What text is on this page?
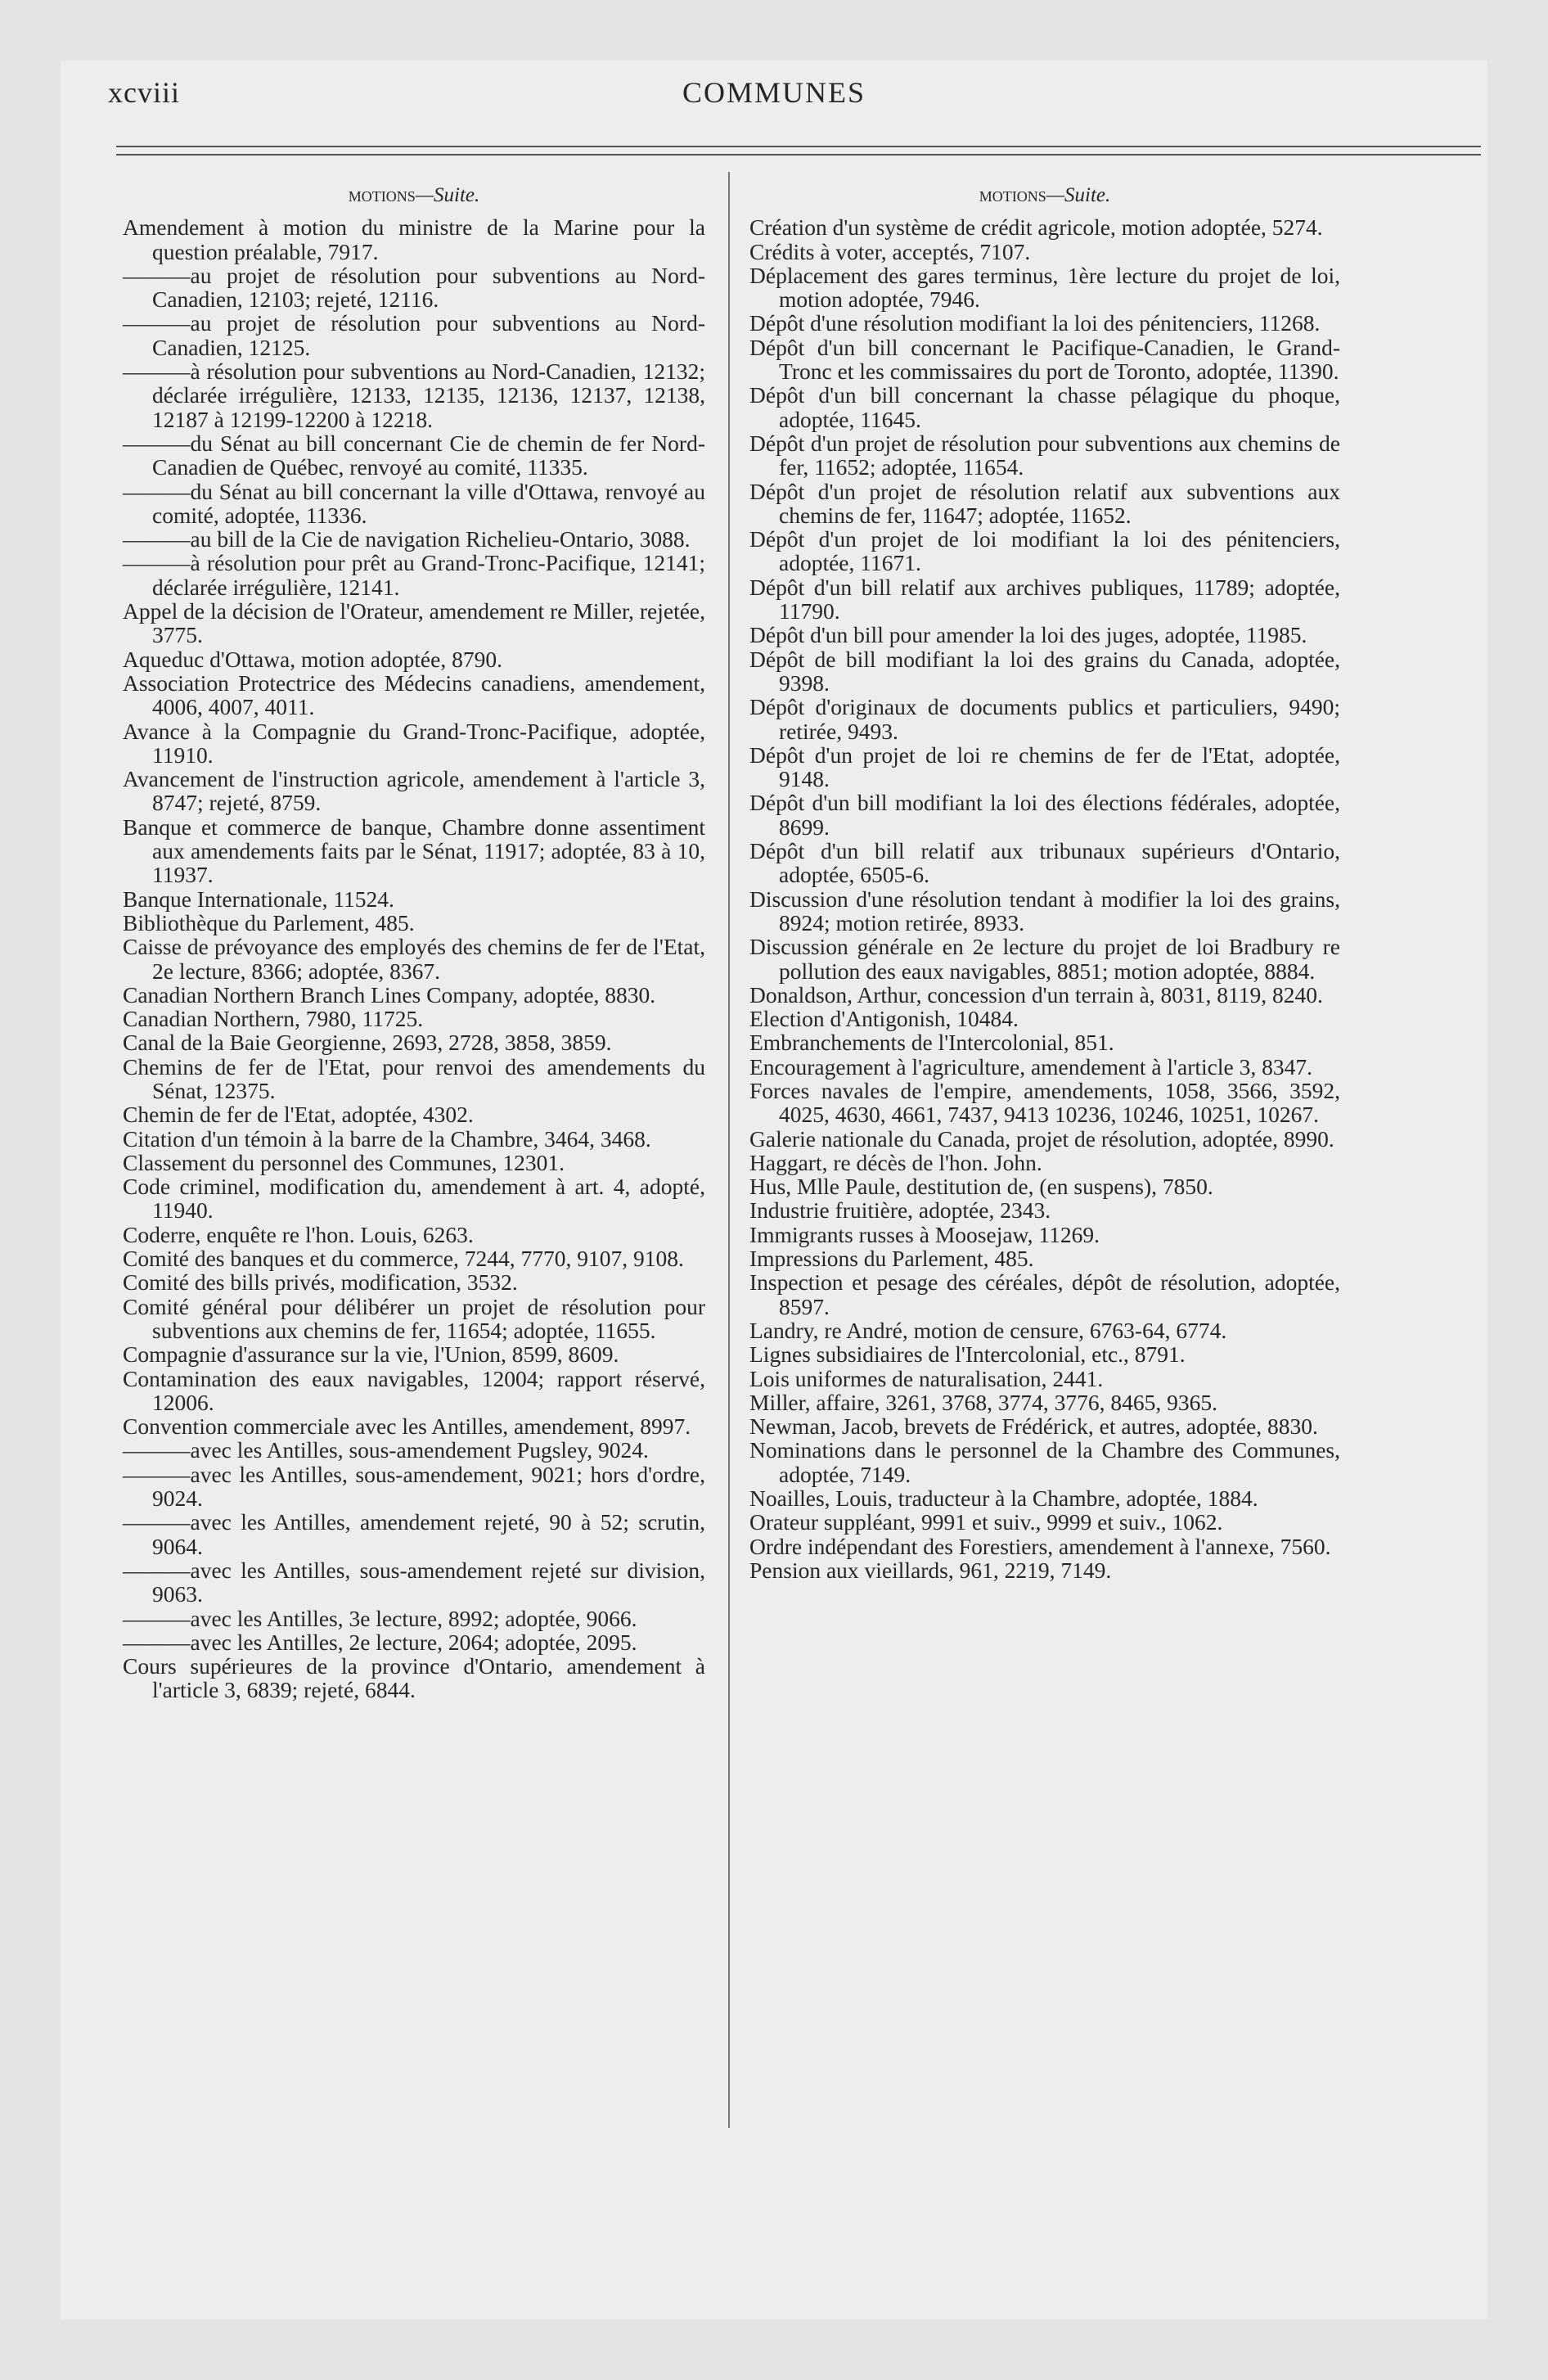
xcviii	COMMUNES
motions—Suite.

Amendement à motion du ministre de la Marine pour la question préalable, 7917.

———au projet de résolution pour subventions au Nord-Canadien, 12103; rejeté, 12116.

———au projet de résolution pour subventions au Nord-Canadien, 12125.

———à résolution pour subventions au Nord-Canadien, 12132; déclarée irrégulière, 12133, 12135, 12136, 12137, 12138, 12187 à 12199-12200 à 12218.

———du Sénat au bill concernant Cie de chemin de fer Nord-Canadien de Québec, renvoyé au comité, 11335.

———du Sénat au bill concernant la ville d'Ottawa, renvoyé au comité, adoptée, 11336.

———au bill de la Cie de navigation Richelieu-Ontario, 3088.

———à résolution pour prêt au Grand-Tronc-Pacifique, 12141; déclarée irrégulière, 12141.

Appel de la décision de l'Orateur, amendement re Miller, rejetée, 3775.

Aqueduc d'Ottawa, motion adoptée, 8790.

Association Protectrice des Médecins canadiens, amendement, 4006, 4007, 4011.

Avance à la Compagnie du Grand-Tronc-Pacifique, adoptée, 11910.

Avancement de l'instruction agricole, amendement à l'article 3, 8747; rejeté, 8759.

Banque et commerce de banque, Chambre donne assentiment aux amendements faits par le Sénat, 11917; adoptée, 83 à 10, 11937.

Banque Internationale, 11524.

Bibliothèque du Parlement, 485.

Caisse de prévoyance des employés des chemins de fer de l'Etat, 2e lecture, 8366; adoptée, 8367.

Canadian Northern Branch Lines Company, adoptée, 8830.

Canadian Northern, 7980, 11725.

Canal de la Baie Georgienne, 2693, 2728, 3858, 3859.

Chemins de fer de l'Etat, pour renvoi des amendements du Sénat, 12375.

Chemin de fer de l'Etat, adoptée, 4302.

Citation d'un témoin à la barre de la Chambre, 3464, 3468.

Classement du personnel des Communes, 12301.

Code criminel, modification du, amendement à art. 4, adopté, 11940.

Coderre, enquête re l'hon. Louis, 6263.

Comité des banques et du commerce, 7244, 7770, 9107, 9108.

Comité des bills privés, modification, 3532.

Comité général pour délibérer un projet de résolution pour subventions aux chemins de fer, 11654; adoptée, 11655.

Compagnie d'assurance sur la vie, l'Union, 8599, 8609.

Contamination des eaux navigables, 12004; rapport réservé, 12006.

Convention commerciale avec les Antilles, amendement, 8997.

———avec les Antilles, sous-amendement Pugsley, 9024.

———avec les Antilles, sous-amendement, 9021; hors d'ordre, 9024.

———avec les Antilles, amendement rejeté, 90 à 52; scrutin, 9064.

———avec les Antilles, sous-amendement rejeté sur division, 9063.

———avec les Antilles, 3e lecture, 8992; adoptée, 9066.

———avec les Antilles, 2e lecture, 2064; adoptée, 2095.

Cours supérieures de la province d'Ontario, amendement à l'article 3, 6839; rejeté, 6844.

motions—Suite.

Création d'un système de crédit agricole, motion adoptée, 5274.

Crédits à voter, acceptés, 7107.

Déplacement des gares terminus, 1ère lecture du projet de loi, motion adoptée, 7946.

Dépôt d'une résolution modifiant la loi des pénitenciers, 11268.

Dépôt d'un bill concernant le Pacifique-Canadien, le Grand-Tronc et les commissaires du port de Toronto, adoptée, 11390.

Dépôt d'un bill concernant la chasse pélagique du phoque, adoptée, 11645.

Dépôt d'un projet de résolution pour subventions aux chemins de fer, 11652; adoptée, 11654.

Dépôt d'un projet de résolution relatif aux subventions aux chemins de fer, 11647; adoptée, 11652.

Dépôt d'un projet de loi modifiant la loi des pénitenciers, adoptée, 11671.

Dépôt d'un bill relatif aux archives publiques, 11789; adoptée, 11790.

Dépôt d'un bill pour amender la loi des juges, adoptée, 11985.

Dépôt de bill modifiant la loi des grains du Canada, adoptée, 9398.

Dépôt d'originaux de documents publics et particuliers, 9490; retirée, 9493.

Dépôt d'un projet de loi re chemins de fer de l'Etat, adoptée, 9148.

Dépôt d'un bill modifiant la loi des élections fédérales, adoptée, 8699.

Dépôt d'un bill relatif aux tribunaux supérieurs d'Ontario, adoptée, 6505-6.

Discussion d'une résolution tendant à modifier la loi des grains, 8924; motion retirée, 8933.

Discussion générale en 2e lecture du projet de loi Bradbury re pollution des eaux navigables, 8851; motion adoptée, 8884.

Donaldson, Arthur, concession d'un terrain à, 8031, 8119, 8240.

Election d'Antigonish, 10484.

Embranchements de l'Intercolonial, 851.

Encouragement à l'agriculture, amendement à l'article 3, 8347.

Forces navales de l'empire, amendements, 1058, 3566, 3592, 4025, 4630, 4661, 7437, 9413 10236, 10246, 10251, 10267.

Galerie nationale du Canada, projet de résolution, adoptée, 8990.

Haggart, re décès de l'hon. John.

Hus, Mlle Paule, destitution de, (en suspens), 7850.

Industrie fruitière, adoptée, 2343.

Immigrants russes à Moosejaw, 11269.

Impressions du Parlement, 485.

Inspection et pesage des céréales, dépôt de résolution, adoptée, 8597.

Landry, re André, motion de censure, 6763-64, 6774.

Lignes subsidiaires de l'Intercolonial, etc., 8791.

Lois uniformes de naturalisation, 2441.

Miller, affaire, 3261, 3768, 3774, 3776, 8465, 9365.

Newman, Jacob, brevets de Frédérick, et autres, adoptée, 8830.

Nominations dans le personnel de la Chambre des Communes, adoptée, 7149.

Noailles, Louis, traducteur à la Chambre, adoptée, 1884.

Orateur suppléant, 9991 et suiv., 9999 et suiv., 1062.

Ordre indépendant des Forestiers, amendement à l'annexe, 7560.

Pension aux vieillards, 961, 2219, 7149.
